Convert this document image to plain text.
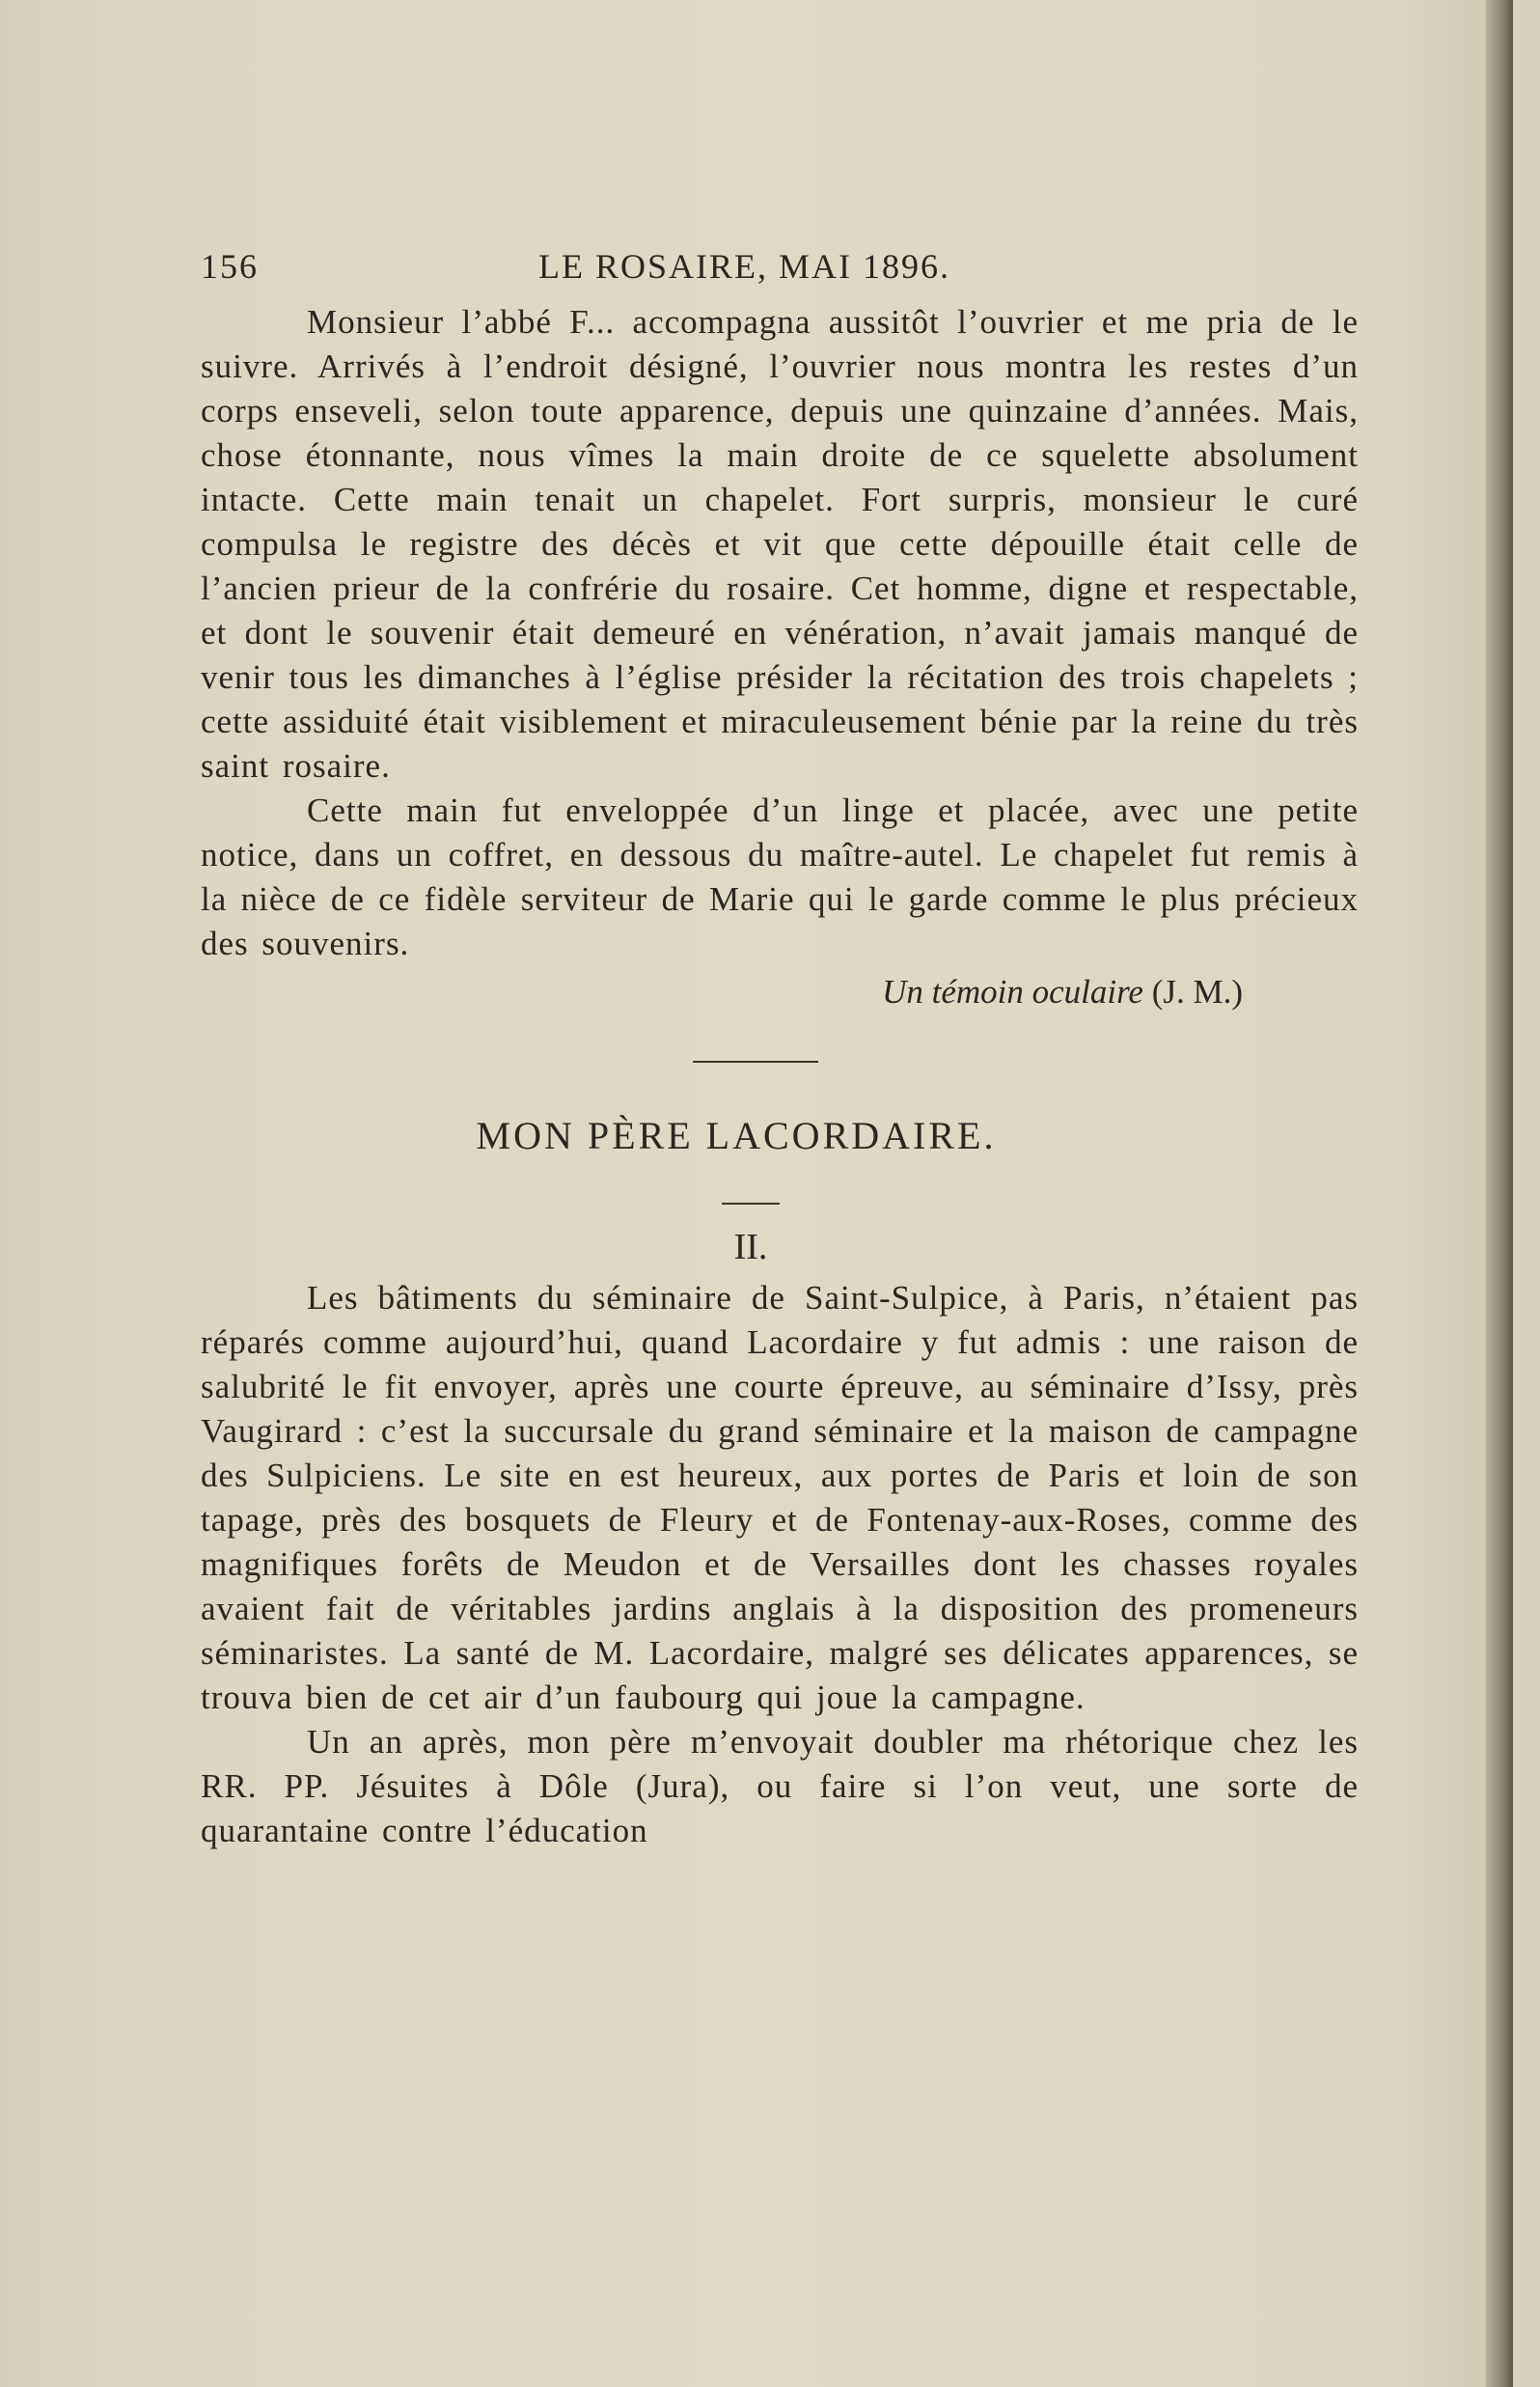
156	LE ROSAIRE, MAI 1896.

Monsieur l’abbé F... accompagna aussitôt l’ouvrier et me pria de le suivre. Arrivés à l’endroit désigné, l’ouvrier nous montra les restes d’un corps enseveli, selon toute apparence, depuis une quinzaine d’années. Mais, chose étonnante, nous vîmes la main droite de ce squelette absolument intacte. Cette main tenait un chapelet. Fort surpris, monsieur le curé compulsa le registre des décès et vit que cette dépouille était celle de l’ancien prieur de la confrérie du rosaire. Cet homme, digne et respectable, et dont le souvenir était demeuré en vénération, n’avait jamais manqué de venir tous les dimanches à l’église présider la récitation des trois chapelets ; cette assiduité était visiblement et miraculeusement bénie par la reine du très saint rosaire.

Cette main fut enveloppée d’un linge et placée, avec une petite notice, dans un coffret, en dessous du maître-autel. Le chapelet fut remis à la nièce de ce fidèle serviteur de Marie qui le garde comme le plus précieux des souvenirs.

Un témoin oculaire (J. M.)

MON PÈRE LACORDAIRE.
II.

Les bâtiments du séminaire de Saint-Sulpice, à Paris, n’étaient pas réparés comme aujourd’hui, quand Lacordaire y fut admis : une raison de salubrité le fit envoyer, après une courte épreuve, au séminaire d’Issy, près Vaugirard : c’est la succursale du grand séminaire et la maison de campagne des Sulpiciens. Le site en est heureux, aux portes de Paris et loin de son tapage, près des bosquets de Fleury et de Fontenay-aux-Roses, comme des magnifiques forêts de Meudon et de Versailles dont les chasses royales avaient fait de véritables jardins anglais à la disposition des promeneurs séminaristes. La santé de M. Lacordaire, malgré ses délicates apparences, se trouva bien de cet air d’un faubourg qui joue la campagne.

Un an après, mon père m’envoyait doubler ma rhétorique chez les RR. PP. Jésuites à Dôle (Jura), ou faire si l’on veut, une sorte de quarantaine contre l’éducation
